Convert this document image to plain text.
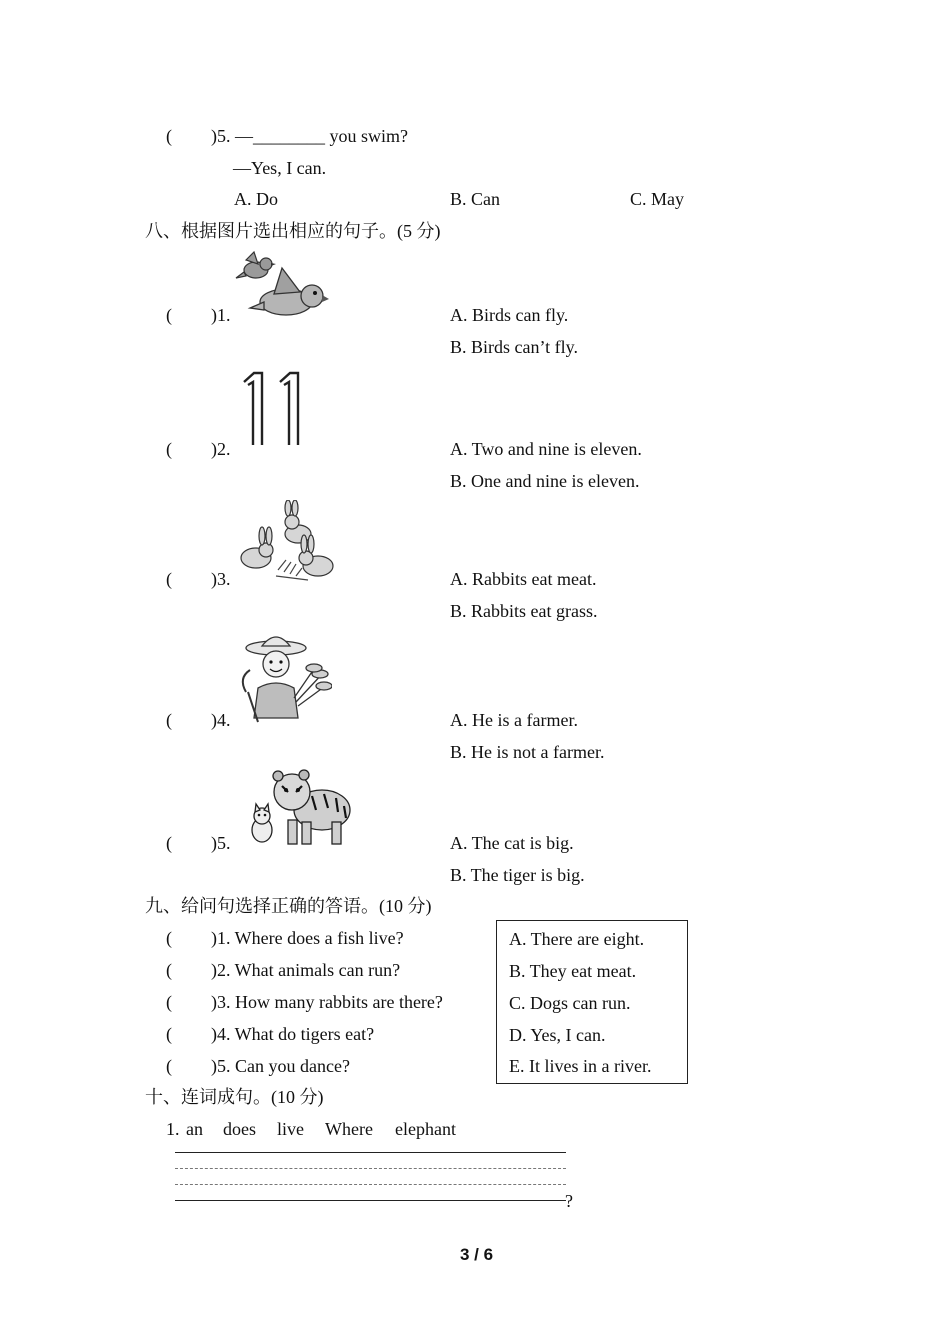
( )5. —________ you swim?
—Yes, I can.
A. Do	B. Can	C. May
八、根据图片选出相应的句子。(5 分)
( )1.	A. Birds can fly.
B. Birds can’t fly.
( )2.	A. Two and nine is eleven.
B. One and nine is eleven.
( )3.	A. Rabbits eat meat.
B. Rabbits eat grass.
( )4.	A. He is a farmer.
B. He is not a farmer.
( )5.	A. The cat is big.
B. The tiger is big.
九、给问句选择正确的答语。(10 分)
( )1. Where does a fish live?
( )2. What animals can run?
( )3. How many rabbits are there?
( )4. What do tigers eat?
( )5. Can you dance?
A. There are eight.
B. They eat meat.
C. Dogs can run.
D. Yes, I can.
E. It lives in a river.
十、连词成句。(10 分)
1. an does live Where elephant
?
3 / 6
